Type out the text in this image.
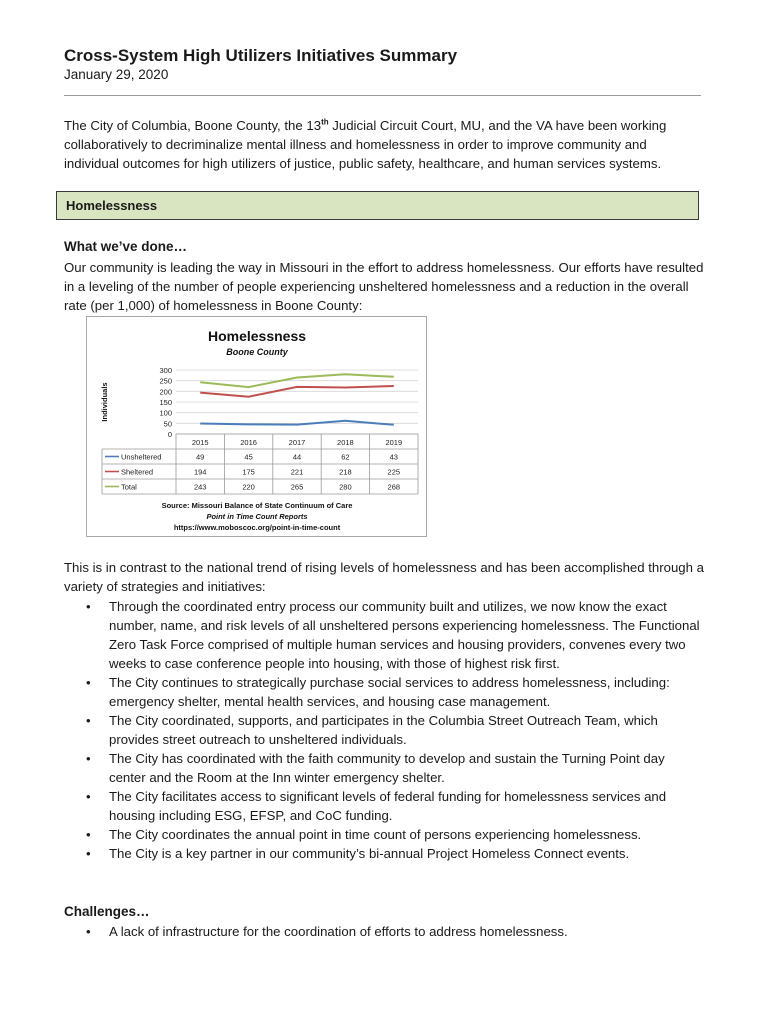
Cross-System High Utilizers Initiatives Summary
January 29, 2020
The City of Columbia, Boone County, the 13th Judicial Circuit Court, MU, and the VA have been working collaboratively to decriminalize mental illness and homelessness in order to improve community and individual outcomes for high utilizers of justice, public safety, healthcare, and human services systems.
Homelessness
What we’ve done…
Our community is leading the way in Missouri in the effort to address homelessness. Our efforts have resulted in a leveling of the number of people experiencing unsheltered homelessness and a reduction in the overall rate (per 1,000) of homelessness in Boone County:
Homelessness
Boone County
0
50
100
150
200
250
300
Individuals
2015	2016	2017	2018	2019
Unsheltered	49	45	44	62	43
Sheltered	194	175	221	218	225
Total	243	220	265	280	268
Source: Missouri Balance of State Continuum of Care
Point in Time Count Reports
https://www.moboscoc.org/point-in-time-count
This is in contrast to the national trend of rising levels of homelessness and has been accomplished through a variety of strategies and initiatives:
• Through the coordinated entry process our community built and utilizes, we now know the exact number, name, and risk levels of all unsheltered persons experiencing homelessness. The Functional Zero Task Force comprised of multiple human services and housing providers, convenes every two weeks to case conference people into housing, with those of highest risk first.
• The City continues to strategically purchase social services to address homelessness, including: emergency shelter, mental health services, and housing case management.
• The City coordinated, supports, and participates in the Columbia Street Outreach Team, which provides street outreach to unsheltered individuals.
• The City has coordinated with the faith community to develop and sustain the Turning Point day center and the Room at the Inn winter emergency shelter.
• The City facilitates access to significant levels of federal funding for homelessness services and housing including ESG, EFSP, and CoC funding.
• The City coordinates the annual point in time count of persons experiencing homelessness.
• The City is a key partner in our community’s bi-annual Project Homeless Connect events.
Challenges…
• A lack of infrastructure for the coordination of efforts to address homelessness.
